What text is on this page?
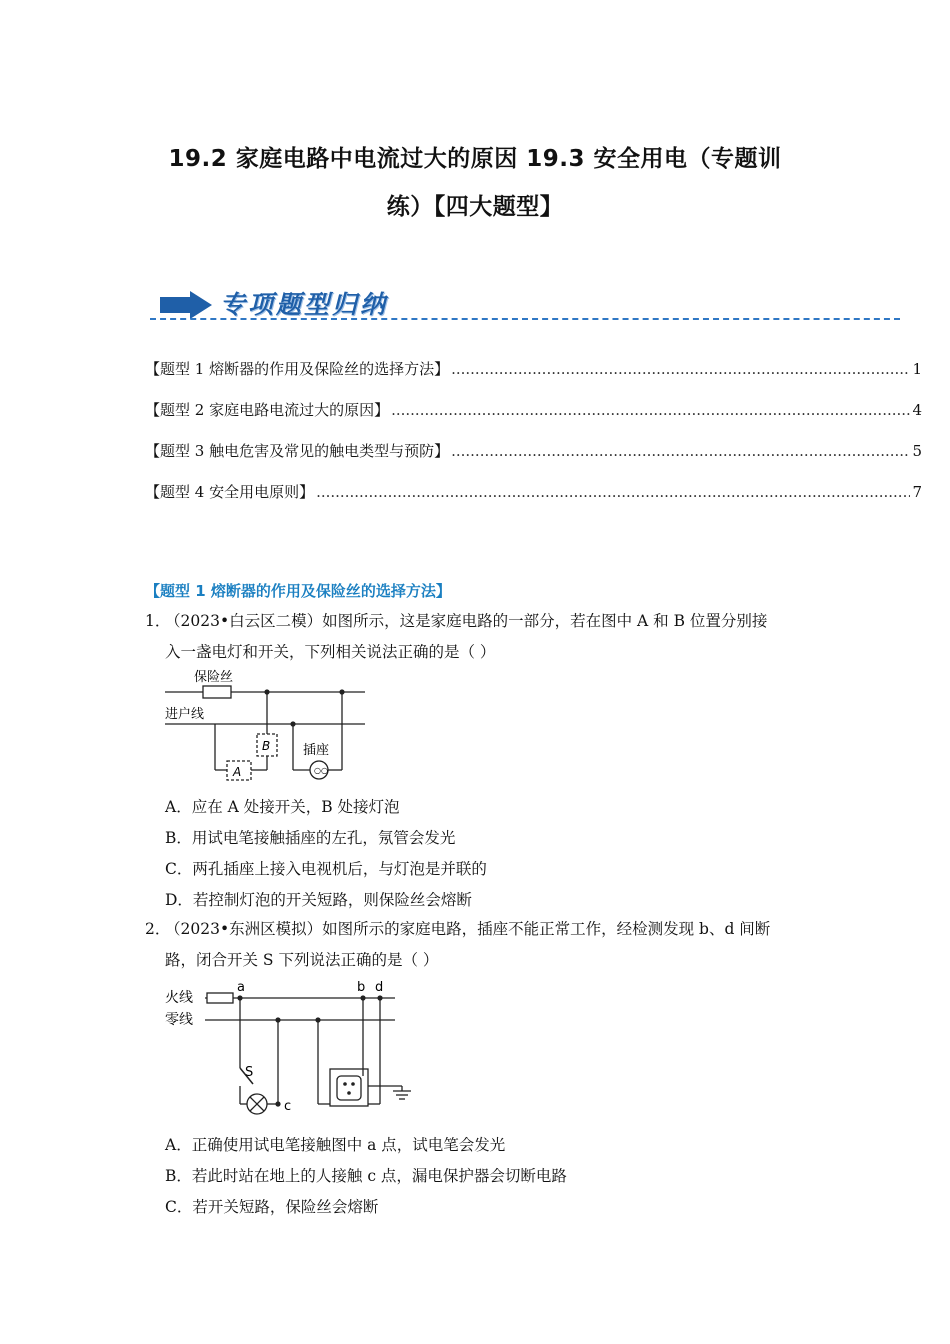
19.2 家庭电路中电流过大的原因 19.3 安全用电（专题训
练）【四大题型】
专项题型归纳
【题型 1 熔断器的作用及保险丝的选择方法】 .....	1
【题型 2 家庭电路电流过大的原因】 .....	4
【题型 3 触电危害及常见的触电类型与预防】 .....	5
【题型 4 安全用电原则】 .....	7
【题型 1 熔断器的作用及保险丝的选择方法】
1．
（2023•白云区二模）如图所示，这是家庭电路的一部分，若在图中 A 和 B 位置分别接
入一盏电灯和开关，下列相关说法正确的是（ ）
○○
保险丝
进户线
插座
A
B
A．应在 A 处接开关，B 处接灯泡
B．用试电笔接触插座的左孔，氖管会发光
C．两孔插座上接入电视机后，与灯泡是并联的
D．若控制灯泡的开关短路，则保险丝会熔断
2．
（2023•东洲区模拟）如图所示的家庭电路，插座不能正常工作，经检测发现 b、d 间断
路，闭合开关 S 下列说法正确的是（ ）
火线
零线
a	b d
S
c
A．正确使用试电笔接触图中 a 点，试电笔会发光
B．若此时站在地上的人接触 c 点，漏电保护器会切断电路
C．若开关短路，保险丝会熔断
